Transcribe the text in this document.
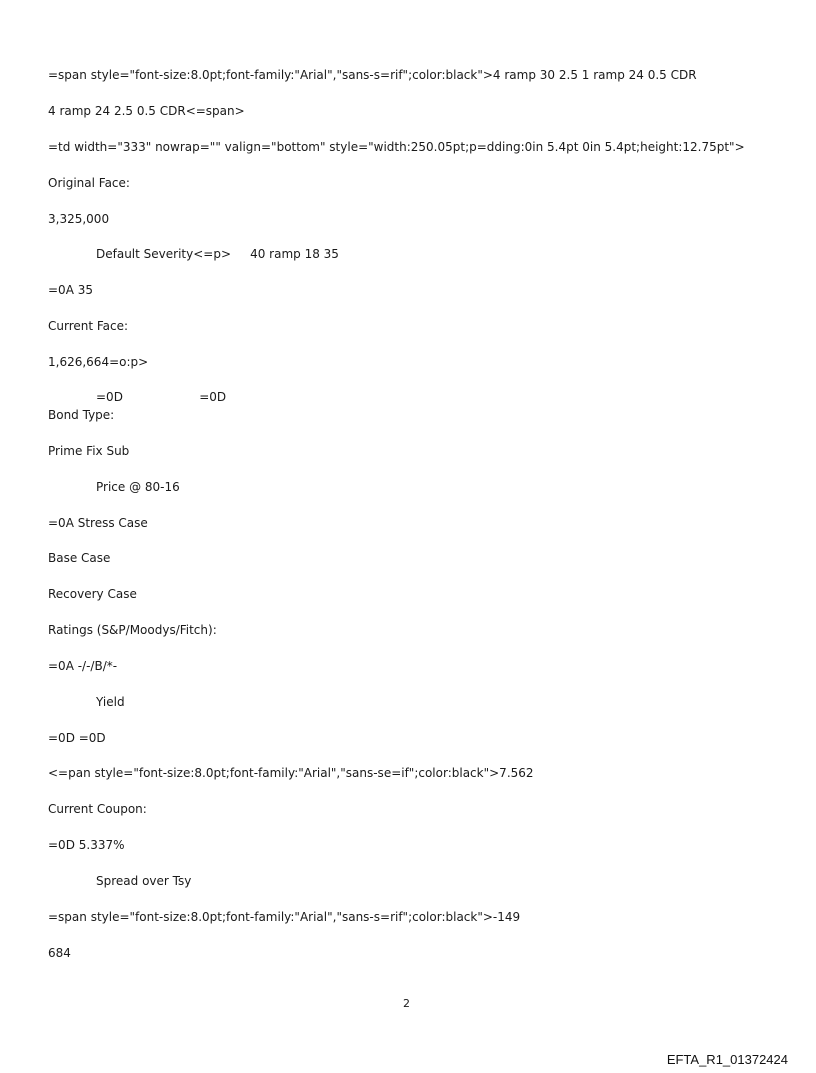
=span style="font-size:8.0pt;font-family:"Arial","sans-s=rif";color:black">4 ramp 30 2.5 1 ramp 24 0.5 CDR
4 ramp 24 2.5 0.5 CDR<=span>
=td width="333" nowrap="" valign="bottom" style="width:250.05pt;p=dding:0in 5.4pt 0in 5.4pt;height:12.75pt">
Original Face:
3,325,000
Default Severity<=p>     40 ramp 18 35
=0A 35
Current Face:
1,626,664=o:p>
=0D                    =0D
Bond Type:
Prime Fix Sub
Price @ 80-16
=0A Stress Case
Base Case
Recovery Case
Ratings (S&P/Moodys/Fitch):
=0A -/-/B/*-
Yield
=0D =0D
<=pan style="font-size:8.0pt;font-family:"Arial","sans-se=if";color:black">7.562
Current Coupon:
=0D 5.337%
Spread over Tsy
=span style="font-size:8.0pt;font-family:"Arial","sans-s=rif";color:black">-149
684
2
EFTA_R1_01372424
